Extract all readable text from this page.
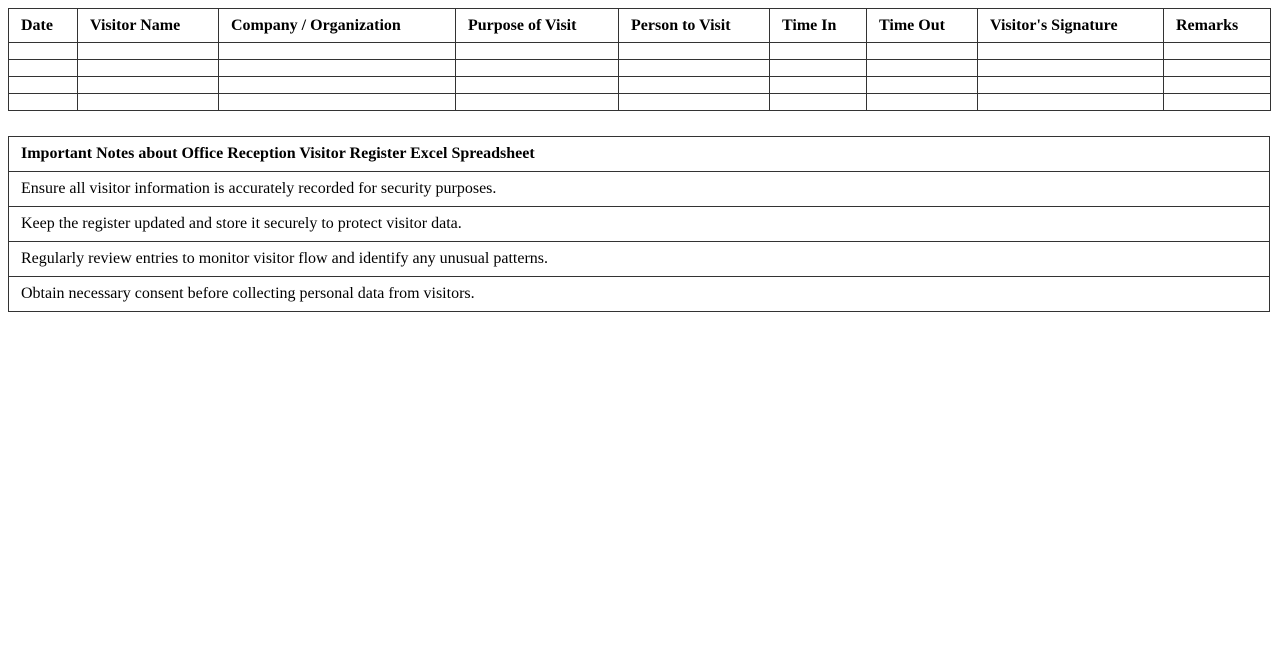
Date	Visitor Name	Company / Organization	Purpose of Visit	Person to Visit	Time In	Time Out	Visitor's Signature	Remarks

Important Notes about Office Reception Visitor Register Excel Spreadsheet
Ensure all visitor information is accurately recorded for security purposes.
Keep the register updated and store it securely to protect visitor data.
Regularly review entries to monitor visitor flow and identify any unusual patterns.
Obtain necessary consent before collecting personal data from visitors.
